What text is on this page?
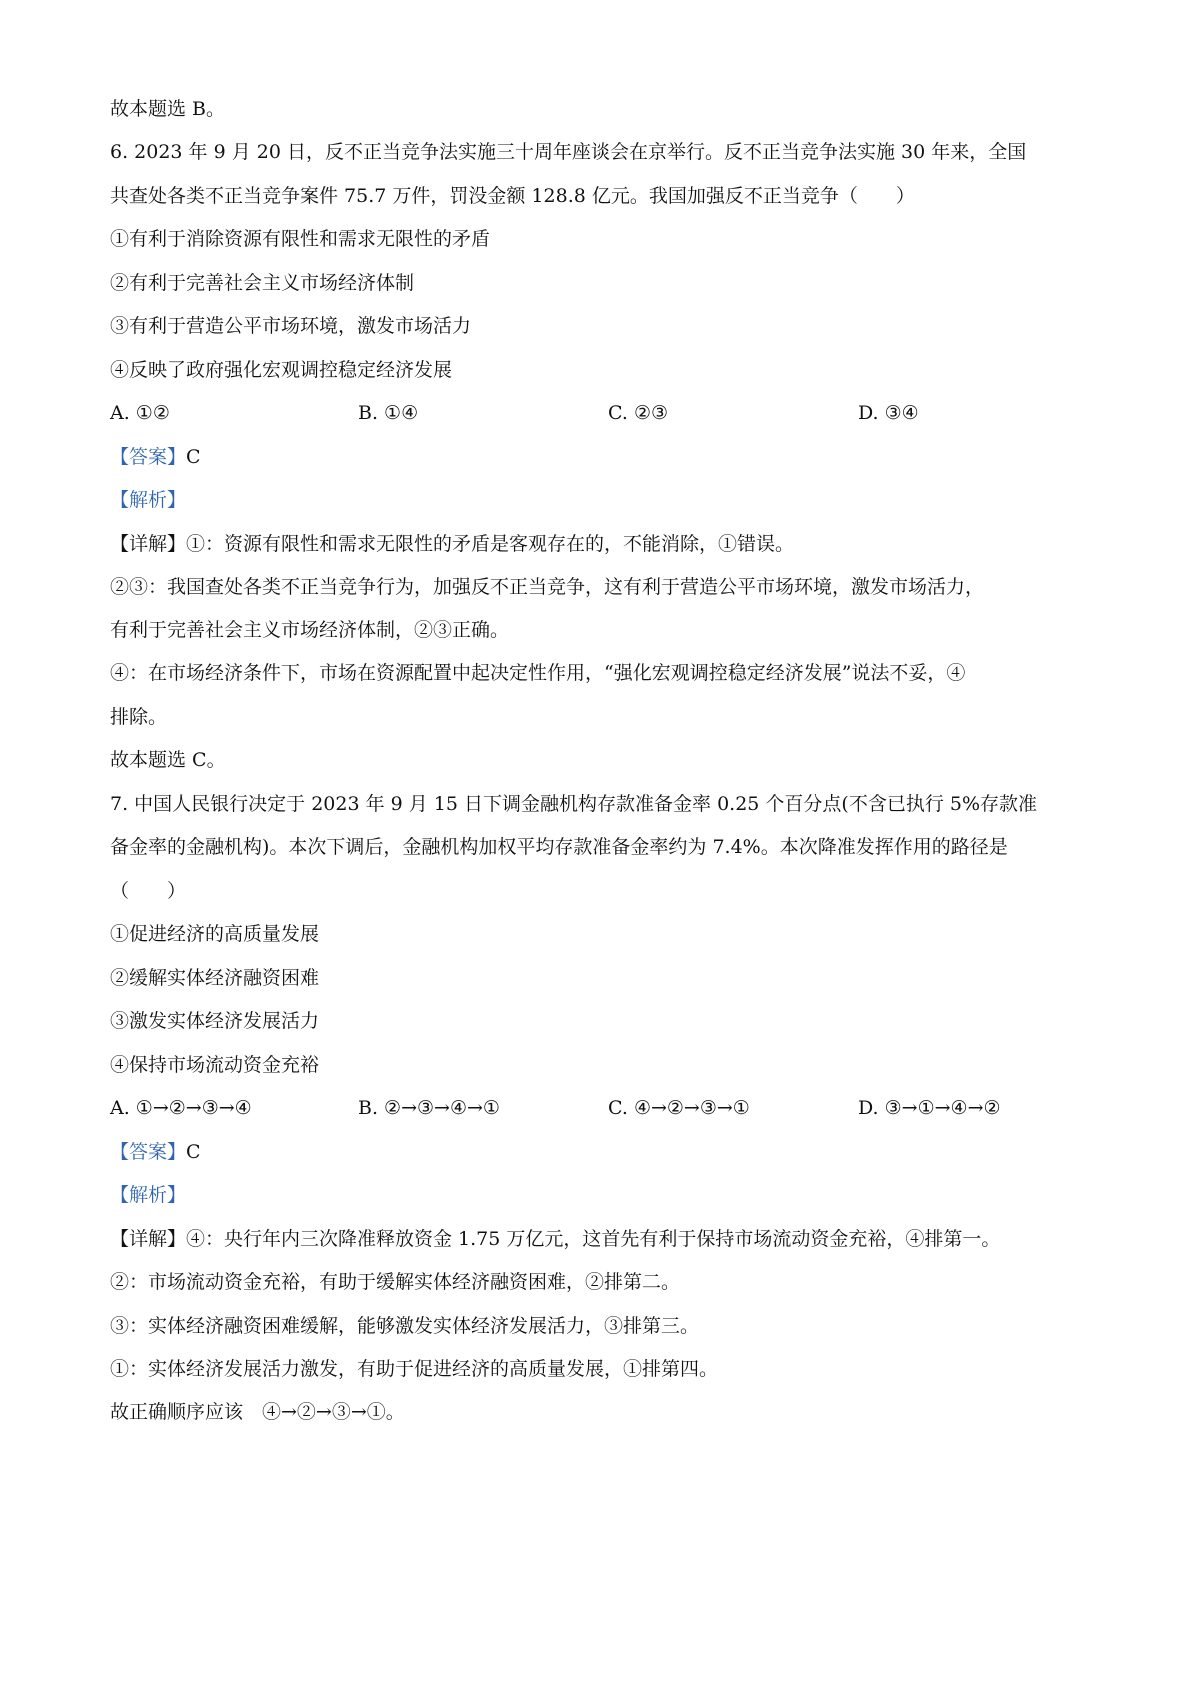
故本题选 B。
6. 2023 年 9 月 20 日，反不正当竞争法实施三十周年座谈会在京举行。反不正当竞争法实施 30 年来，全国
共查处各类不正当竞争案件 75.7 万件，罚没金额 128.8 亿元。我国加强反不正当竞争（　　）
①有利于消除资源有限性和需求无限性的矛盾
②有利于完善社会主义市场经济体制
③有利于营造公平市场环境，激发市场活力
④反映了政府强化宏观调控稳定经济发展
A. ①②	B. ①④	C. ②③	D. ③④
【答案】C
【解析】
【详解】①：资源有限性和需求无限性的矛盾是客观存在的，不能消除，①错误。
②③：我国查处各类不正当竞争行为，加强反不正当竞争，这有利于营造公平市场环境，激发市场活力，
有利于完善社会主义市场经济体制，②③正确。
④：在市场经济条件下，市场在资源配置中起决定性作用，“强化宏观调控稳定经济发展”说法不妥，④
排除。
故本题选 C。
7. 中国人民银行决定于 2023 年 9 月 15 日下调金融机构存款准备金率 0.25 个百分点(不含已执行 5%存款准
备金率的金融机构)。本次下调后，金融机构加权平均存款准备金率约为 7.4%。本次降准发挥作用的路径是
（　　）
①促进经济的高质量发展
②缓解实体经济融资困难
③激发实体经济发展活力
④保持市场流动资金充裕
A. ①→②→③→④	B. ②→③→④→①	C. ④→②→③→①	D. ③→①→④→②
【答案】C
【解析】
【详解】④：央行年内三次降准释放资金 1.75 万亿元，这首先有利于保持市场流动资金充裕，④排第一。
②：市场流动资金充裕，有助于缓解实体经济融资困难，②排第二。
③：实体经济融资困难缓解，能够激发实体经济发展活力，③排第三。
①：实体经济发展活力激发，有助于促进经济的高质量发展，①排第四。
故正确顺序应该　④→②→③→①。
